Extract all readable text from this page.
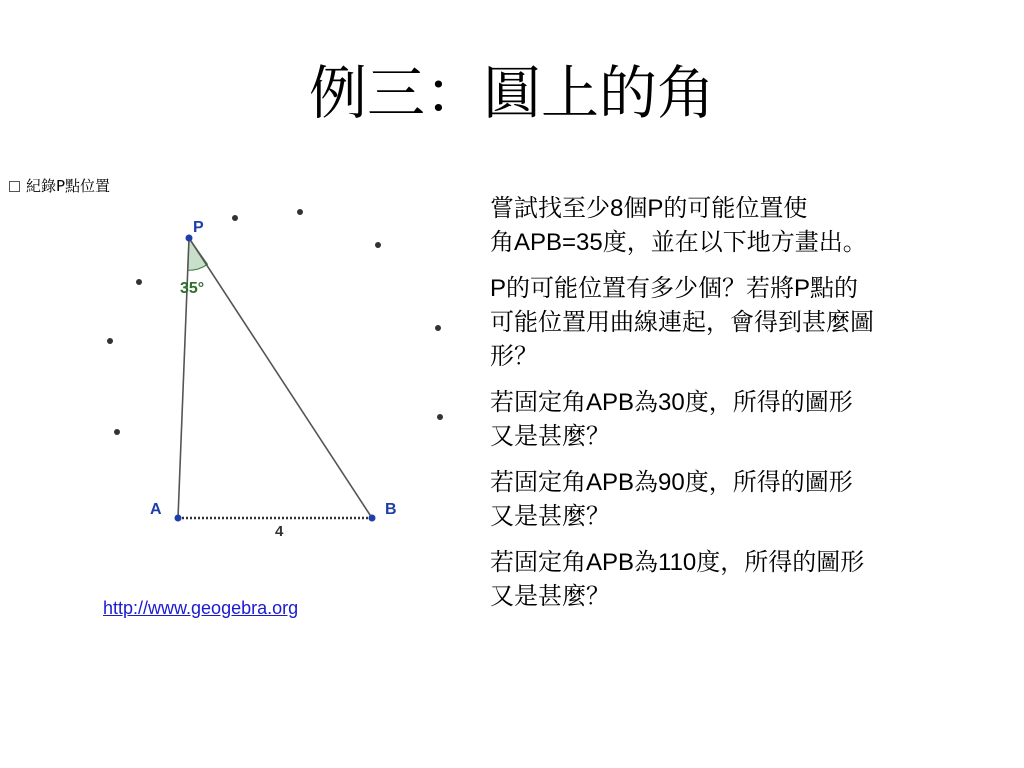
例三：圓上的角
紀錄P點位置
P
A	B
35°
4
http://www.geogebra.org

嘗試找至少8個P的可能位置使
角APB=35度，並在以下地方畫出。

P的可能位置有多少個？若將P點的
可能位置用曲線連起，會得到甚麼圖
形？

若固定角APB為30度，所得的圖形
又是甚麼？

若固定角APB為90度，所得的圖形
又是甚麼？

若固定角APB為110度，所得的圖形
又是甚麼？
